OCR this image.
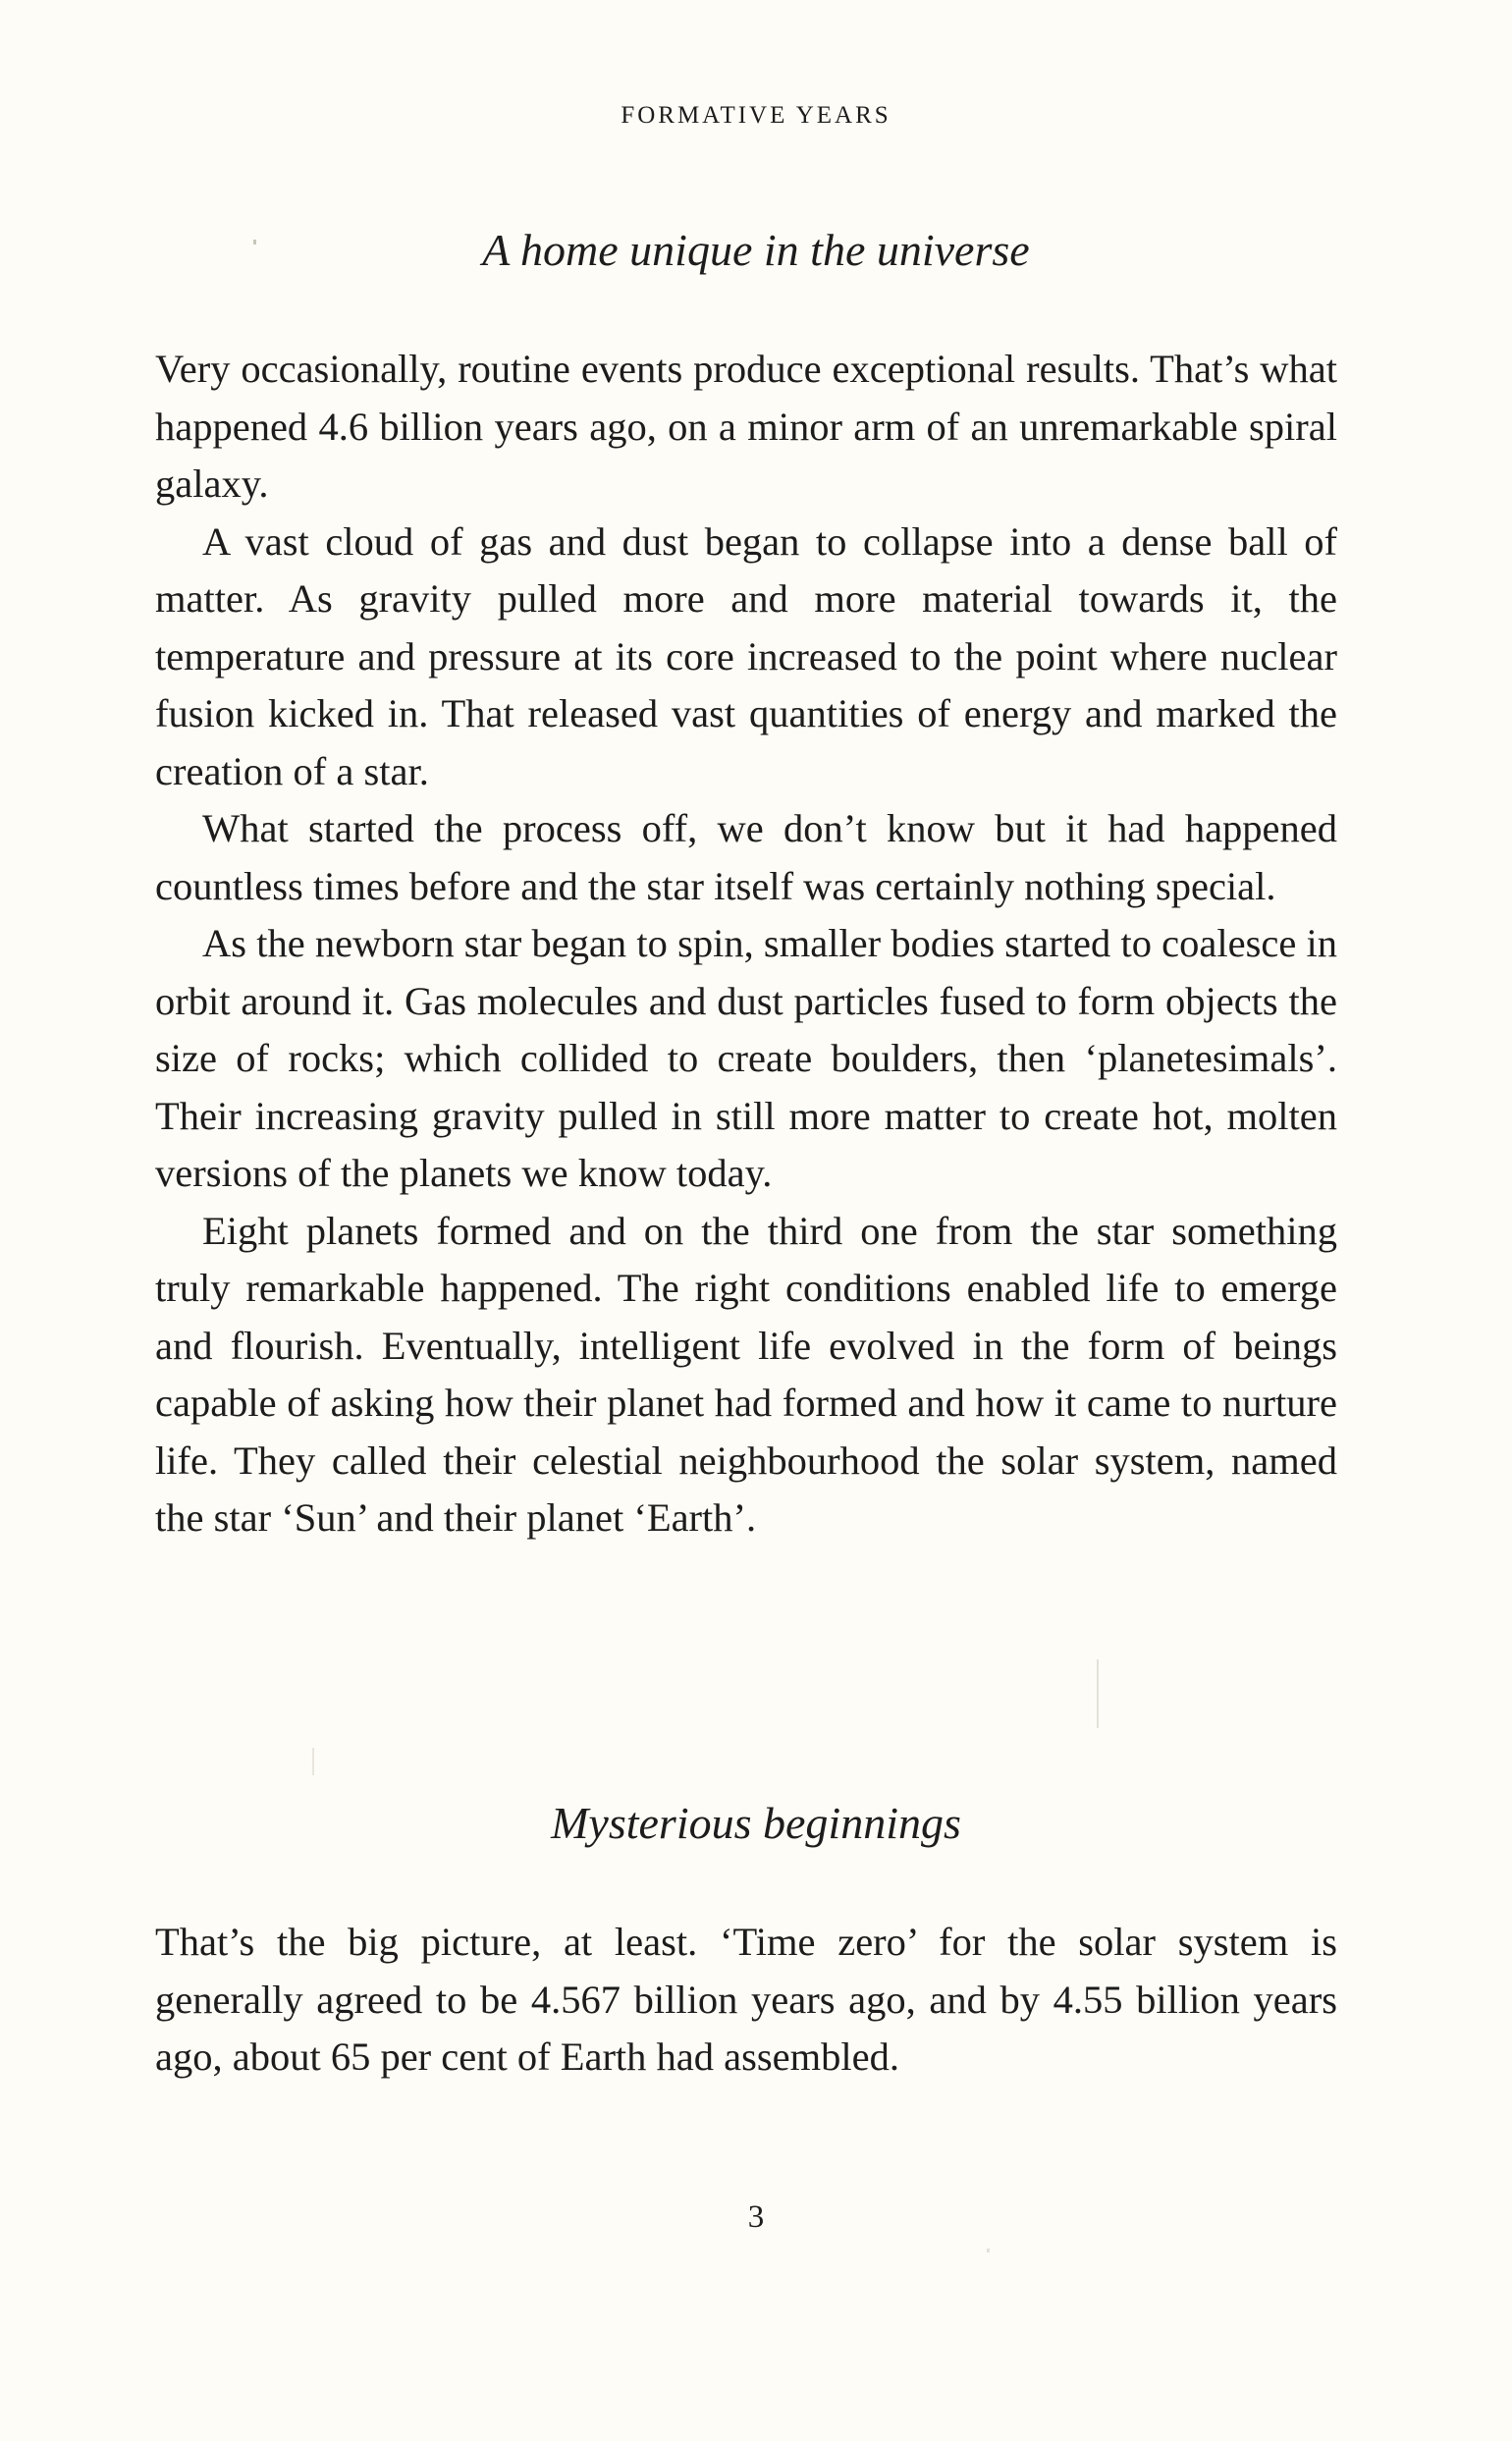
FORMATIVE YEARS
A home unique in the universe

Very occasionally, routine events produce exceptional results. That’s what happened 4.6 billion years ago, on a minor arm of an unremarkable spiral galaxy.

A vast cloud of gas and dust began to collapse into a dense ball of matter. As gravity pulled more and more material towards it, the temperature and pressure at its core increased to the point where nuclear fusion kicked in. That released vast quantities of energy and marked the creation of a star.

What started the process off, we don’t know but it had happened countless times before and the star itself was certainly nothing special.

As the newborn star began to spin, smaller bodies started to coalesce in orbit around it. Gas molecules and dust particles fused to form objects the size of rocks; which collided to create boulders, then ‘planetesimals’. Their increasing gravity pulled in still more matter to create hot, molten versions of the planets we know today.

Eight planets formed and on the third one from the star something truly remarkable happened. The right conditions enabled life to emerge and flourish. Eventually, intelligent life evolved in the form of beings capable of asking how their planet had formed and how it came to nurture life. They called their celestial neighbourhood the solar system, named the star ‘Sun’ and their planet ‘Earth’.

Mysterious beginnings

That’s the big picture, at least. ‘Time zero’ for the solar system is generally agreed to be 4.567 billion years ago, and by 4.55 billion years ago, about 65 per cent of Earth had assembled.

3
